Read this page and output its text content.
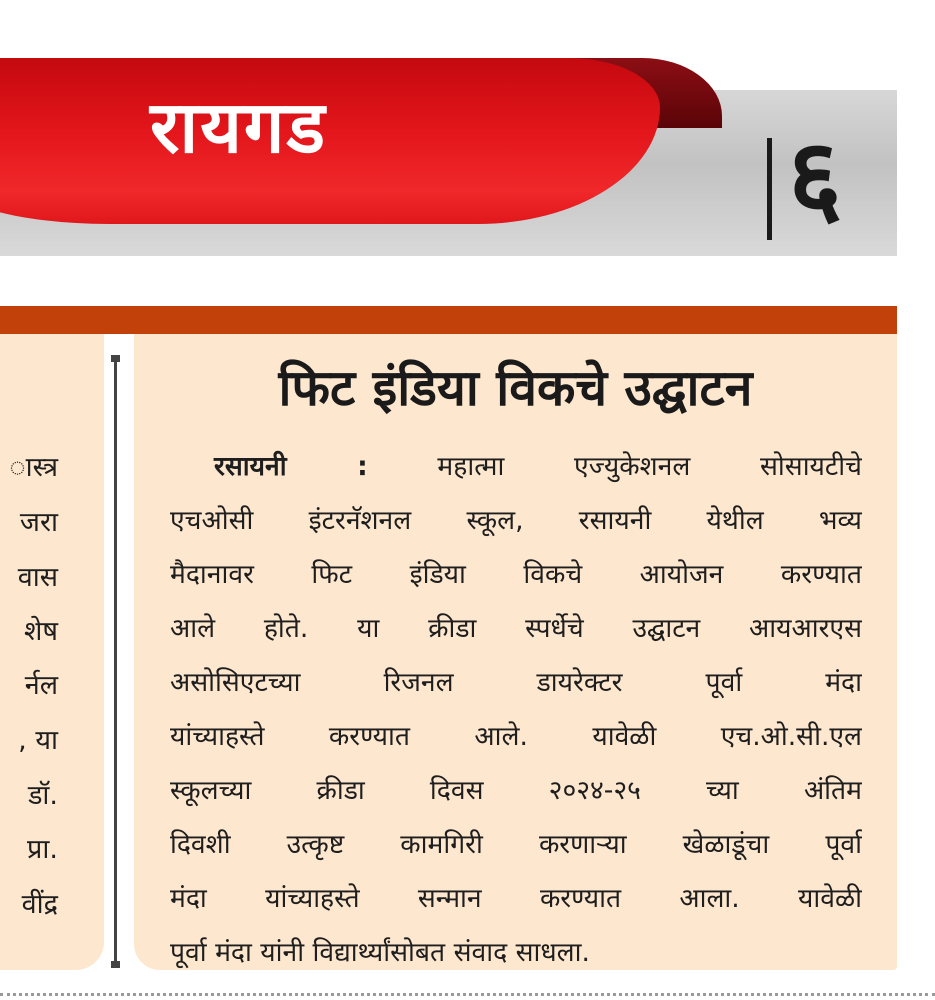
रायगड	६
ास्त्र
जरा
वास
शेष
र्नल
, या
डॉ.
प्रा.
वींद्र
फिट इंडिया विकचे उद्घाटन
रसायनी :	महात्मा एज्युकेशनल सोसायटीचे
एचओसी इंटरनॅशनल स्कूल, रसायनी येथील भव्य
मैदानावर फिट इंडिया विकचे आयोजन करण्यात
आले होते. या क्रीडा स्पर्धेचे उद्घाटन आयआरएस
असोसिएटच्या रिजनल डायरेक्टर पूर्वा मंदा
यांच्याहस्ते करण्यात आले. यावेळी एच.ओ.सी.एल
स्कूलच्या क्रीडा दिवस २०२४-२५ च्या अंतिम
दिवशी उत्कृष्ट कामगिरी करणाऱ्या खेळाडूंचा पूर्वा
मंदा यांच्याहस्ते सन्मान करण्यात आला. यावेळी
पूर्वा मंदा यांनी विद्यार्थ्यांसोबत संवाद साधला.
